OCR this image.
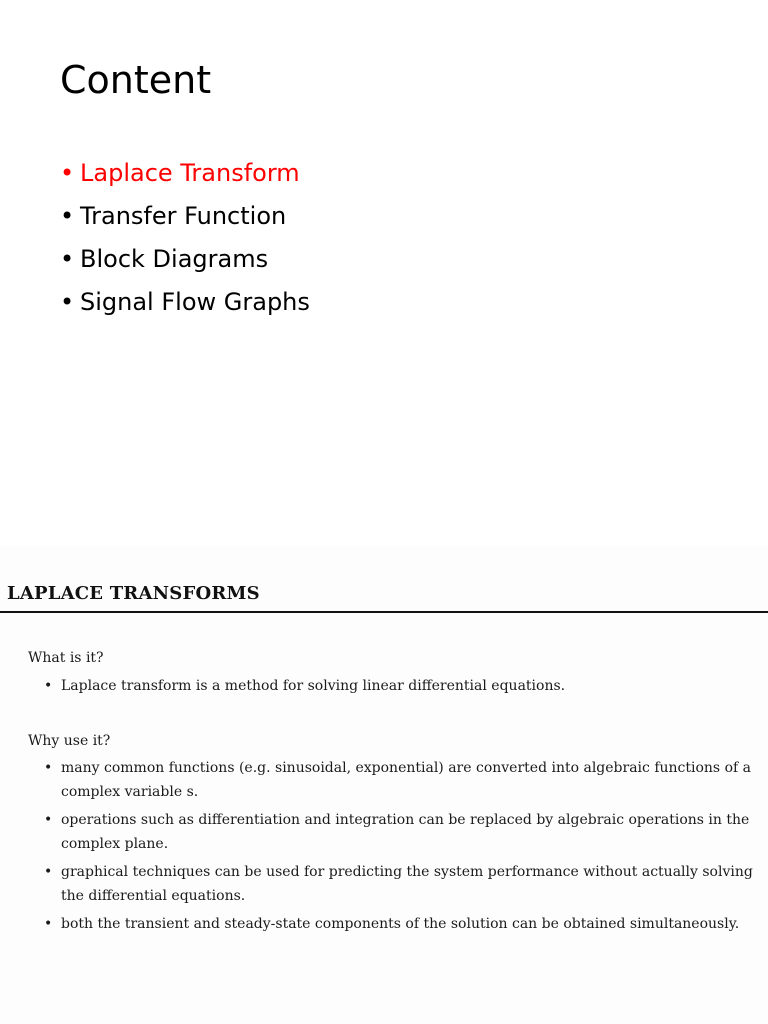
Content
• Laplace Transform
• Transfer Function
• Block Diagrams
• Signal Flow Graphs
LAPLACE TRANSFORMS
What is it?
• Laplace transform is a method for solving linear differential equations.
Why use it?
• many common functions (e.g. sinusoidal, exponential) are converted into algebraic functions of a complex variable s.
• operations such as differentiation and integration can be replaced by algebraic operations in the complex plane.
• graphical techniques can be used for predicting the system performance without actually solving the differential equations.
• both the transient and steady-state components of the solution can be obtained simultaneously.
